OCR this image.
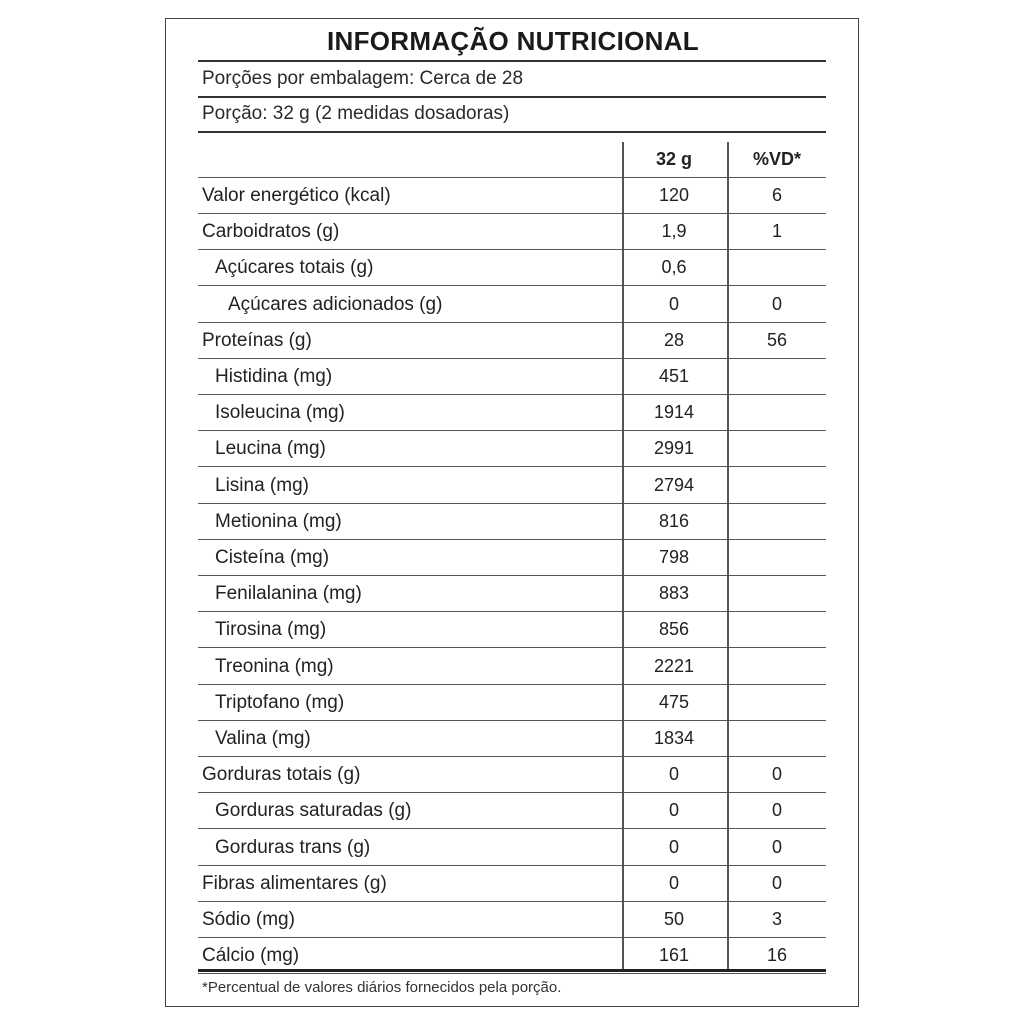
INFORMAÇÃO NUTRICIONAL
Porções por embalagem: Cerca de 28
Porção: 32 g (2 medidas dosadoras)
32 g	%VD*
Valor energético (kcal)	120	6
Carboidratos (g)	1,9	1
Açúcares totais (g)	0,6
Açúcares adicionados (g)	0	0
Proteínas (g)	28	56
Histidina (mg)	451
Isoleucina (mg)	1914
Leucina (mg)	2991
Lisina (mg)	2794
Metionina (mg)	816
Cisteína (mg)	798
Fenilalanina (mg)	883
Tirosina (mg)	856
Treonina (mg)	2221
Triptofano (mg)	475
Valina (mg)	1834
Gorduras totais (g)	0	0
Gorduras saturadas (g)	0	0
Gorduras trans (g)	0	0
Fibras alimentares (g)	0	0
Sódio (mg)	50	3
Cálcio (mg)	161	16
*Percentual de valores diários fornecidos pela porção.
